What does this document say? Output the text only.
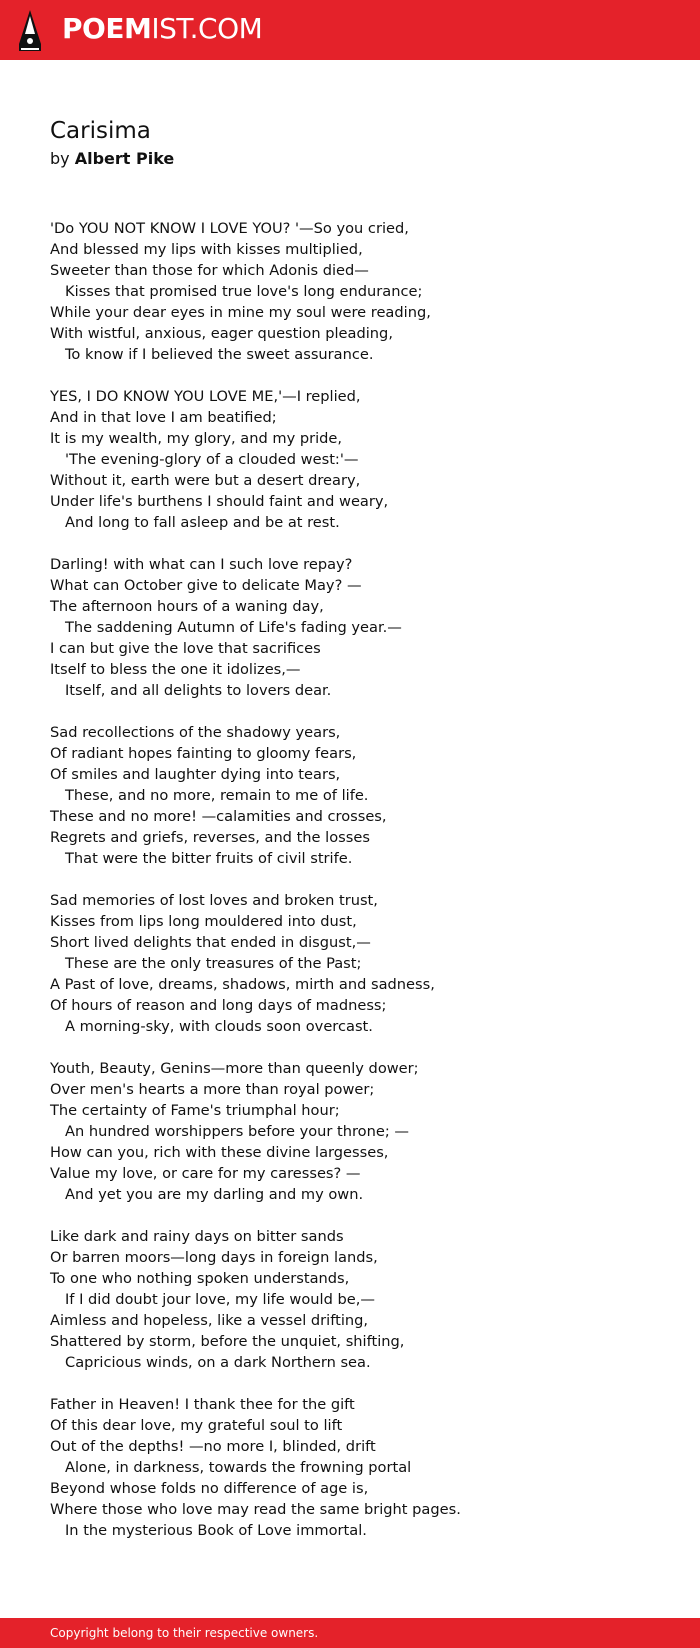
POEMIST.COM
Carisima
by Albert Pike
'Do YOU NOT KNOW I LOVE YOU? '—So you cried,
And blessed my lips with kisses multiplied,
Sweeter than those for which Adonis died—
Kisses that promised true love's long endurance;
While your dear eyes in mine my soul were reading,
With wistful, anxious, eager question pleading,
To know if I believed the sweet assurance.
YES, I DO KNOW YOU LOVE ME,'—I replied,
And in that love I am beatified;
It is my wealth, my glory, and my pride,
'The evening-glory of a clouded west:'—
Without it, earth were but a desert dreary,
Under life's burthens I should faint and weary,
And long to fall asleep and be at rest.
Darling! with what can I such love repay?
What can October give to delicate May? —
The afternoon hours of a waning day,
The saddening Autumn of Life's fading year.—
I can but give the love that sacrifices
Itself to bless the one it idolizes,—
Itself, and all delights to lovers dear.
Sad recollections of the shadowy years,
Of radiant hopes fainting to gloomy fears,
Of smiles and laughter dying into tears,
These, and no more, remain to me of life.
These and no more! —calamities and crosses,
Regrets and griefs, reverses, and the losses
That were the bitter fruits of civil strife.
Sad memories of lost loves and broken trust,
Kisses from lips long mouldered into dust,
Short lived delights that ended in disgust,—
These are the only treasures of the Past;
A Past of love, dreams, shadows, mirth and sadness,
Of hours of reason and long days of madness;
A morning-sky, with clouds soon overcast.
Youth, Beauty, Genins—more than queenly dower;
Over men's hearts a more than royal power;
The certainty of Fame's triumphal hour;
An hundred worshippers before your throne; —
How can you, rich with these divine largesses,
Value my love, or care for my caresses? —
And yet you are my darling and my own.
Like dark and rainy days on bitter sands
Or barren moors—long days in foreign lands,
To one who nothing spoken understands,
If I did doubt jour love, my life would be,—
Aimless and hopeless, like a vessel drifting,
Shattered by storm, before the unquiet, shifting,
Capricious winds, on a dark Northern sea.
Father in Heaven! I thank thee for the gift
Of this dear love, my grateful soul to lift
Out of the depths! —no more I, blinded, drift
Alone, in darkness, towards the frowning portal
Beyond whose folds no difference of age is,
Where those who love may read the same bright pages.
In the mysterious Book of Love immortal.
Copyright belong to their respective owners.
